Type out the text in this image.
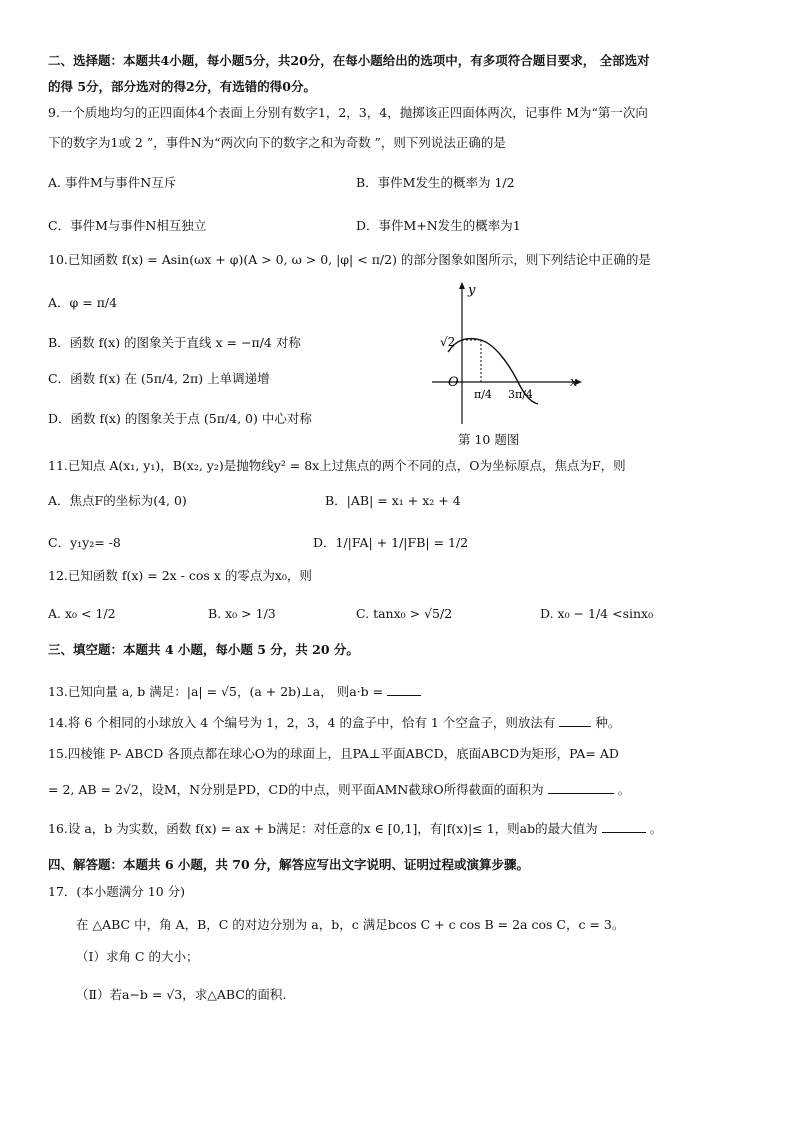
二、选择题：本题共4小题，每小题5分，共20分，在每小题给出的选项中，有多项符合题目要求， 全部选对
的得 5分，部分选对的得2分，有选错的得0分。
9.一个质地均匀的正四面体4个表面上分别有数字1，2，3，4，抛掷该正四面体两次，记事件 M为“第一次向
下的数字为1或 2 ”，事件N为“两次向下的数字之和为奇数 ”，则下列说法正确的是
A. 事件M与事件N互斥	B．事件M发生的概率为 1/2
C．事件M与事件N相互独立	D．事件M+N发生的概率为1
10.已知函数 f(x) = Asin(ωx + φ)(A > 0, ω > 0, |φ| < π/2) 的部分图象如图所示，则下列结论中正确的是
A．φ = π/4
B．函数 f(x) 的图象关于直线 x = −π/4 对称
C．函数 f(x) 在 (5π/4, 2π) 上单调递增
D．函数 f(x) 的图象关于点 (5π/4, 0) 中心对称
y
x
O
√2
π/4 3π/4
第 10 题图
11.已知点 A(x₁, y₁)，B(x₂, y₂)是抛物线y² = 8x上过焦点的两个不同的点，O为坐标原点，焦点为F，则
A．焦点F的坐标为(4, 0)	B．|AB| = x₁ + x₂ + 4
C．y₁y₂= -8	D．1/|FA| + 1/|FB| = 1/2
12.已知函数 f(x) = 2x - cos x 的零点为x₀，则
A. x₀ < 1/2	B. x₀ > 1/3	C. tanx₀ > √5/2	D. x₀ − 1/4 <sinx₀
三、填空题：本题共 4 小题，每小题 5 分，共 20 分。
13.已知向量 a, b 满足：|a| = √5，(a + 2b)⊥a， 则a·b =
14.将 6 个相同的小球放入 4 个编号为 1，2，3，4 的盒子中，恰有 1 个空盒子，则放法有	种。
15.四棱锥 P- ABCD 各顶点都在球心O为的球面上，且PA⊥平面ABCD，底面ABCD为矩形，PA= AD
= 2, AB = 2√2，设M，N分别是PD，CD的中点，则平面AMN截球O所得截面的面积为	。
16.设 a，b 为实数，函数 f(x) = ax + b满足：对任意的x ∈ [0,1]，有|f(x)|≤ 1，则ab的最大值为	。
四、解答题：本题共 6 小题，共 70 分，解答应写出文字说明、证明过程或演算步骤。
17．(本小题满分 10 分)
在 △ABC 中，角 A，B，C 的对边分别为 a，b，c 满足bcos C + c cos B = 2a cos C，c = 3。
（Ⅰ）求角 C 的大小；
（Ⅱ）若a−b = √3，求△ABC的面积.
